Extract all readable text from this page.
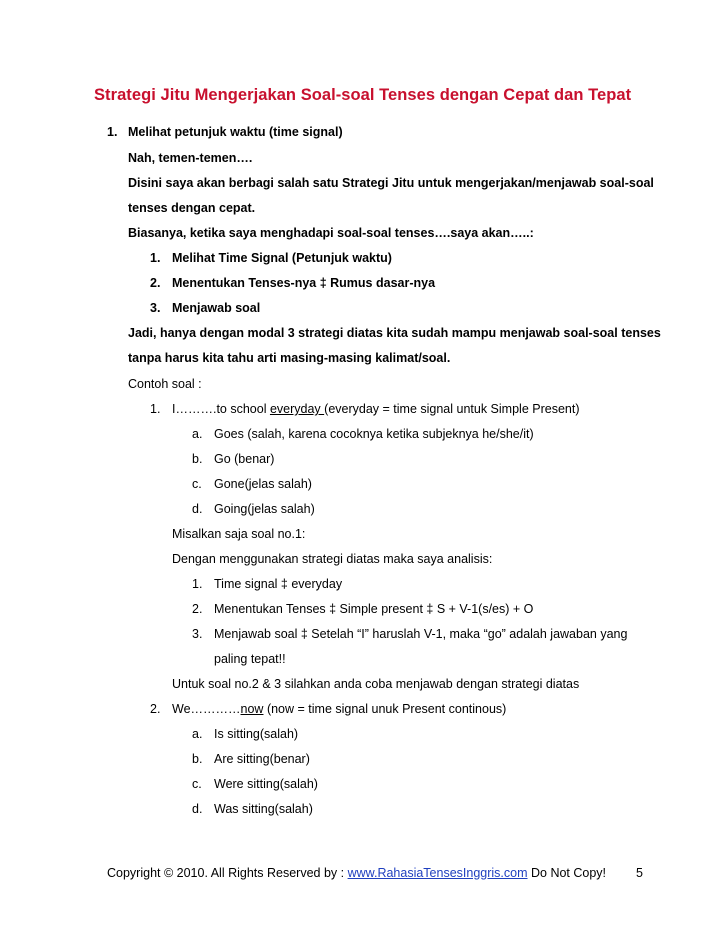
Strategi Jitu Mengerjakan Soal-soal Tenses dengan Cepat dan Tepat
1. Melihat petunjuk waktu (time signal)
Nah, temen-temen….
Disini saya akan berbagi salah satu Strategi Jitu untuk mengerjakan/menjawab soal-soal
tenses dengan cepat.
Biasanya, ketika saya menghadapi soal-soal tenses….saya akan…..:
1. Melihat Time Signal (Petunjuk waktu)
2. Menentukan Tenses-nya ‡ Rumus dasar-nya
3. Menjawab soal
Jadi, hanya dengan modal 3 strategi diatas kita sudah mampu menjawab soal-soal tenses
tanpa harus kita tahu arti masing-masing kalimat/soal.
Contoh soal :
1. I……….to school everyday (everyday = time signal untuk Simple Present)
a. Goes (salah, karena cocoknya ketika subjeknya he/she/it)
b. Go (benar)
c. Gone(jelas salah)
d. Going(jelas salah)
Misalkan saja soal no.1:
Dengan menggunakan strategi diatas maka saya analisis:
1. Time signal ‡ everyday
2. Menentukan Tenses ‡ Simple present ‡ S + V-1(s/es) + O
3. Menjawab soal ‡ Setelah “I” haruslah V-1, maka “go” adalah jawaban yang
paling tepat!!
Untuk soal no.2 & 3 silahkan anda coba menjawab dengan strategi diatas
2. We…………now (now = time signal unuk Present continous)
a. Is sitting(salah)
b. Are sitting(benar)
c. Were sitting(salah)
d. Was sitting(salah)
Copyright © 2010. All Rights Reserved by : www.RahasiaTensesInggris.com Do Not Copy! 5
